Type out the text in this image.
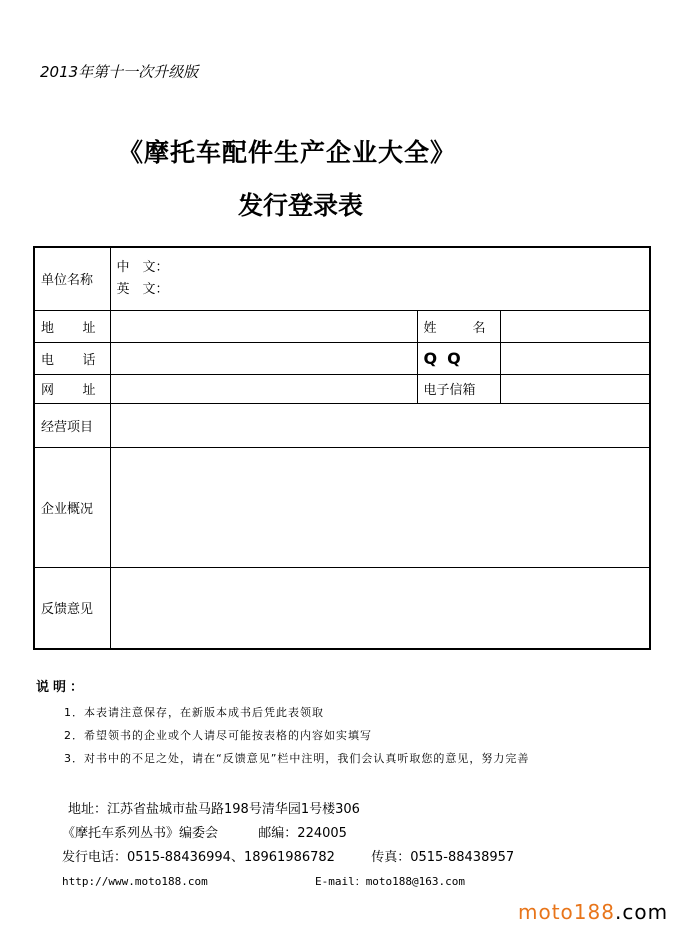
2013年第十一次升级版
《摩托车配件生产企业大全》
发行登录表
单位名称	中　文：
英　文：		

地 址		姓 名	

电 话		QQ	

网 址		电子信箱	
经营项目			
企业概况			
反馈意见			
说明：
1．本表请注意保存，在新版本成书后凭此表领取
2．希望领书的企业或个人请尽可能按表格的内容如实填写
3．对书中的不足之处，请在“反馈意见”栏中注明，我们会认真听取您的意见，努力完善
地址：江苏省盐城市盐马路198号清华园1号楼306
《摩托车系列丛书》编委会	邮编：224005
发行电话：0515-88436994、18961986782	传真：0515-88438957
http://www.moto188.com	E-mail：moto188@163.com
moto188.com
